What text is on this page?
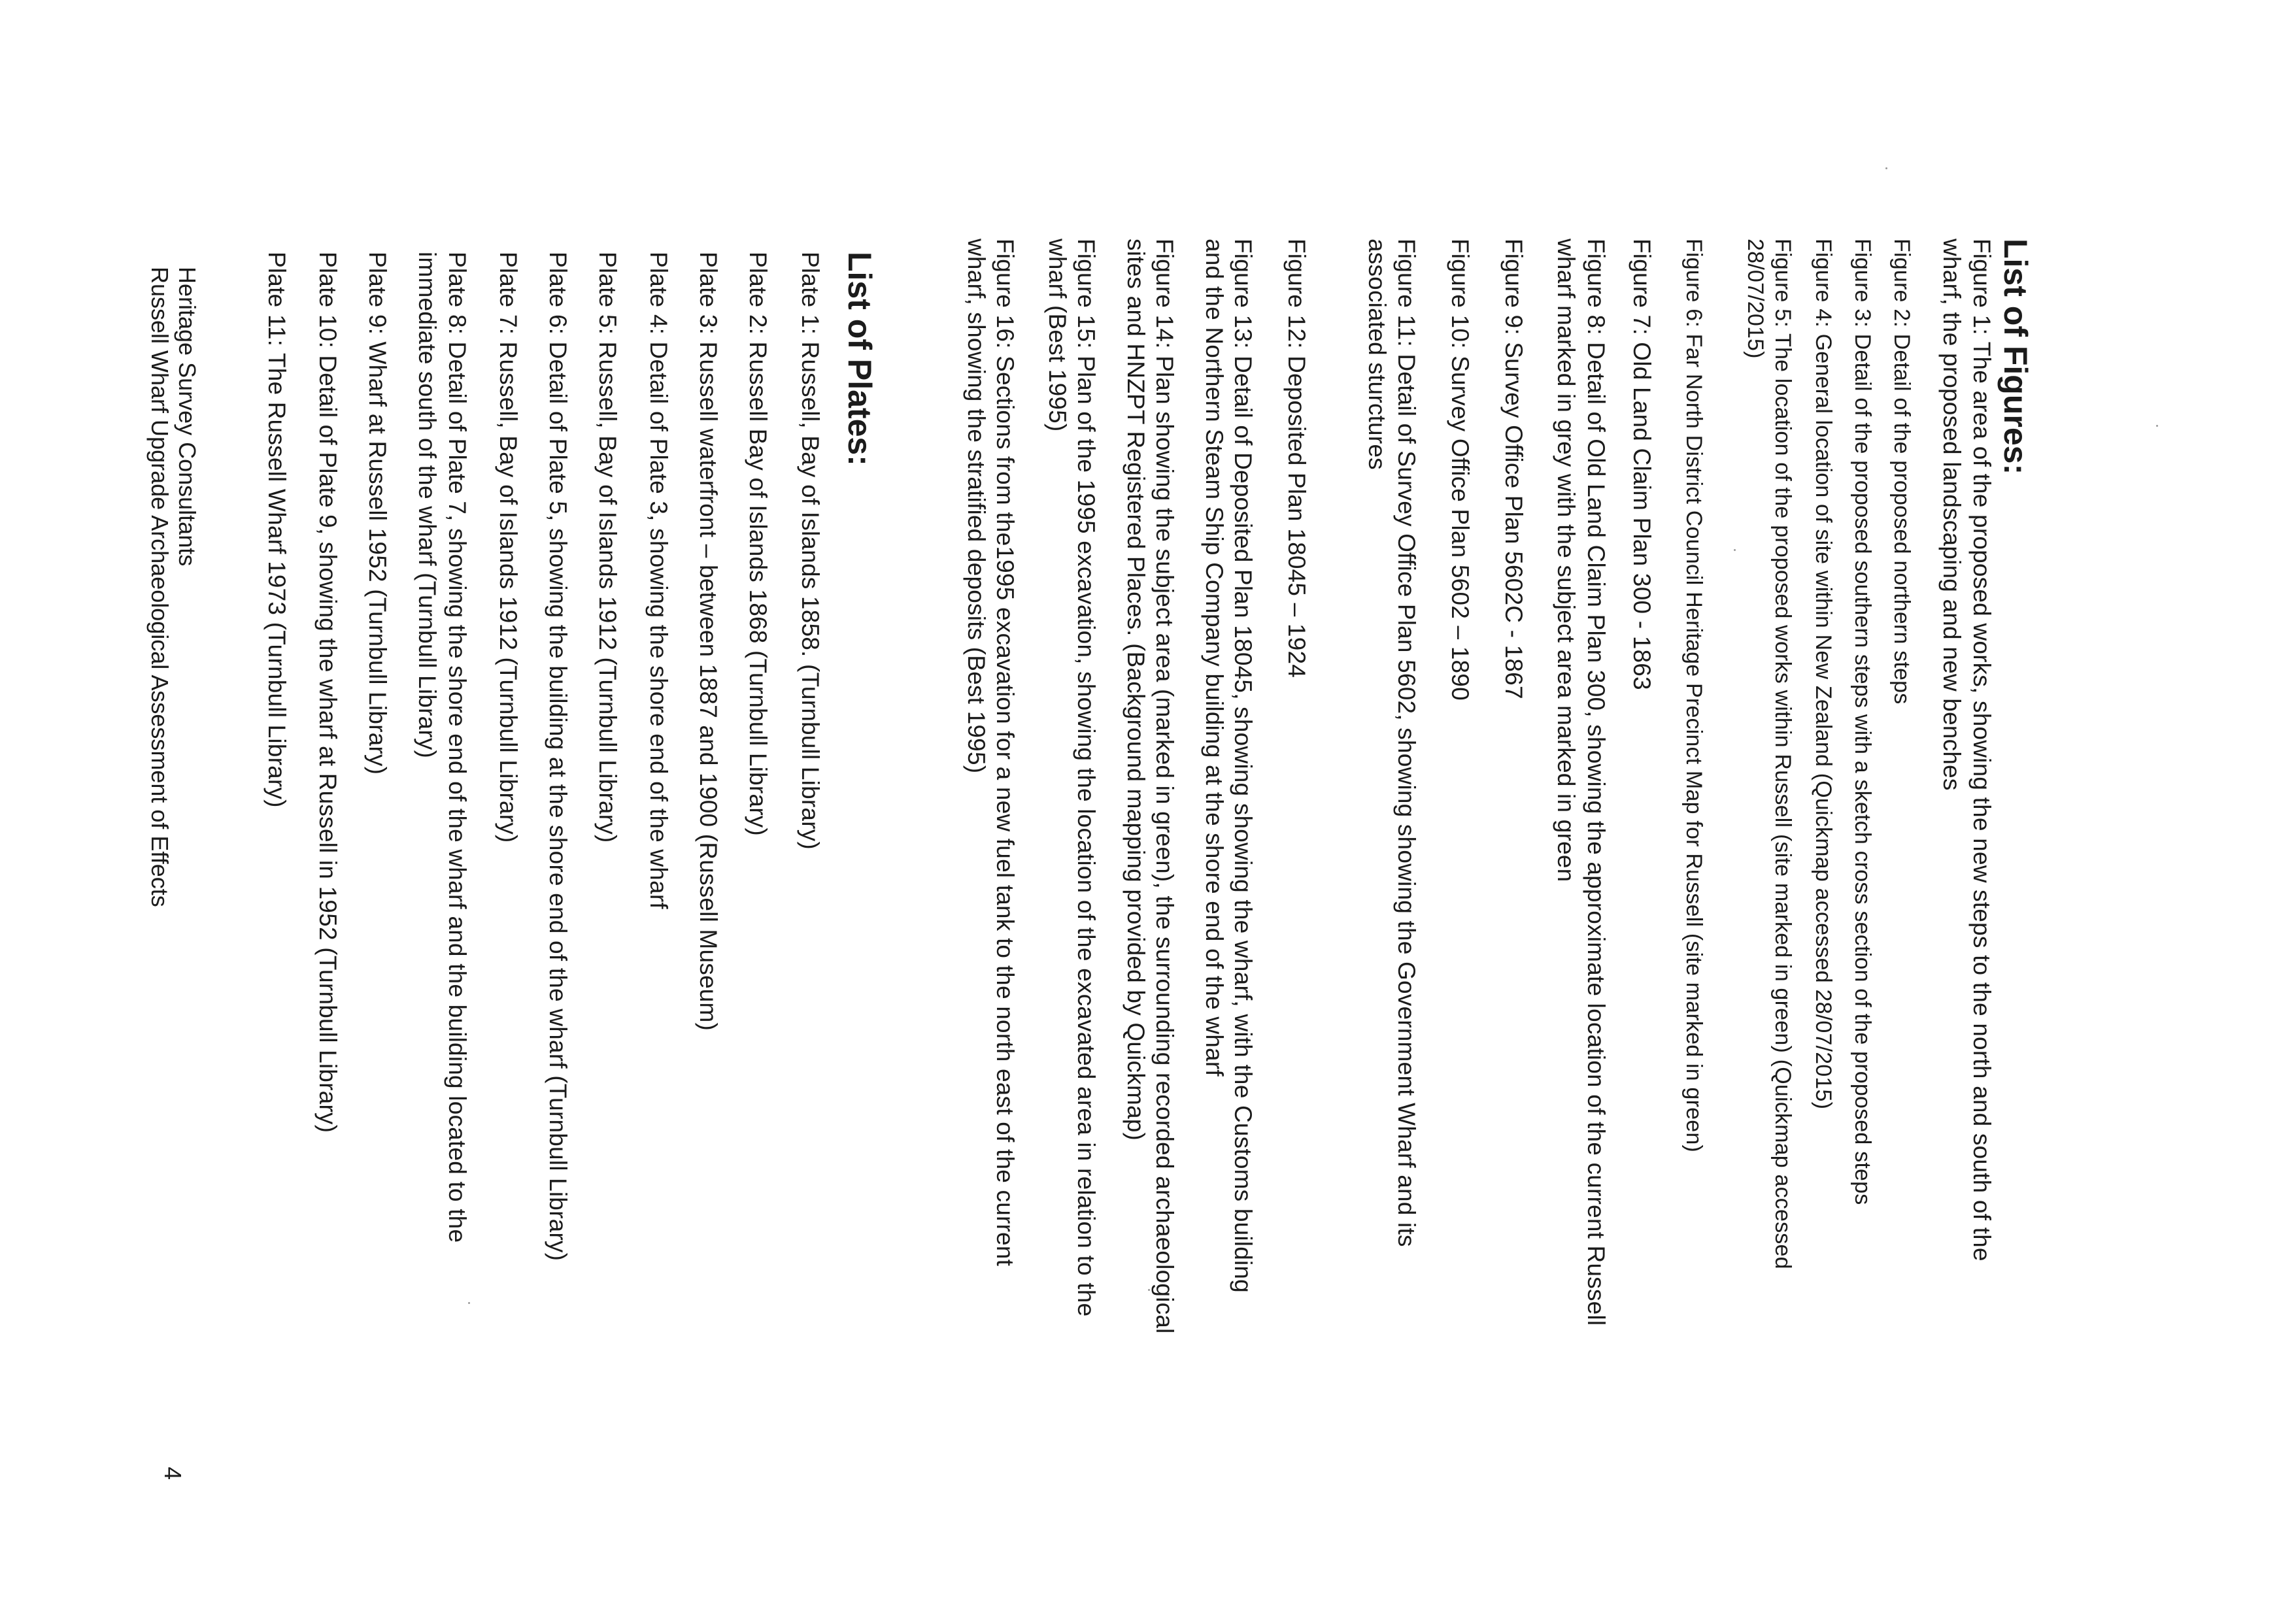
List of Figures:

Figure 1: The area of the proposed works, showing the new steps to the north and south of the

wharf, the proposed landscaping and new benches

Figure 2: Detail of the proposed northern steps

Figure 3: Detail of the proposed southern steps with a sketch cross section of the proposed steps

Figure 4: General location of site within New Zealand (Quickmap accessed 28/07/2015)

Figure 5: The location of the proposed works within Russell (site marked in green) (Quickmap accessed

28/07/2015)

Figure 6: Far North District Council Heritage Precinct Map for Russell (site marked in green)

Figure 7: Old Land Claim Plan 300 - 1863

Figure 8: Detail of Old Land Claim Plan 300, showing the approximate location of the current Russell

wharf marked in grey with the subject area marked in green

Figure 9: Survey Office Plan 5602C - 1867

Figure 10: Survey Office Plan 5602 – 1890

Figure 11: Detail of Survey Office Plan 5602, showing showing the Government Wharf and its

associated sturctures

Figure 12: Deposited Plan 18045 – 1924

Figure 13: Detail of Deposited Plan 18045, showing showing the wharf, with the Customs building

and the Northern Steam Ship Company building at the shore end of the wharf

Figure 14: Plan showing the subject area (marked in green), the surrounding recorded archaeological

sites and HNZPT Registered Places. (Background mapping provided by Quickmap)

Figure 15: Plan of the 1995 excavation, showing the location of the excavated area in relation to the

wharf (Best 1995)

Figure 16: Sections from the1995 excavation for a new fuel tank to the north east of the current

wharf, showing the stratified deposits (Best 1995)

List of Plates:

Plate 1: Russell, Bay of Islands 1858. (Turnbull Library)

Plate 2: Russell Bay of Islands 1868 (Turnbull Library)

Plate 3: Russell waterfront – between 1887 and 1900 (Russell Museum)

Plate 4: Detail of Plate 3, showing the shore end of the wharf

Plate 5: Russell, Bay of Islands 1912 (Turnbull Library)

Plate 6: Detail of Plate 5, showing the building at the shore end of the wharf (Turnbull Library)

Plate 7: Russell, Bay of Islands 1912 (Turnbull Library)

Plate 8: Detail of Plate 7, showing the shore end of the wharf and the building located to the

immediate south of the wharf (Turnbull Library)

Plate 9: Wharf at Russell 1952 (Turnbull Library)

Plate 10: Detail of Plate 9, showing the wharf at Russell in 1952 (Turnbull Library)

Plate 11: The Russell Wharf 1973 (Turnbull Library)

Heritage Survey Consultants

Russell Wharf Upgrade Archaeological Assessment of Effects

4
